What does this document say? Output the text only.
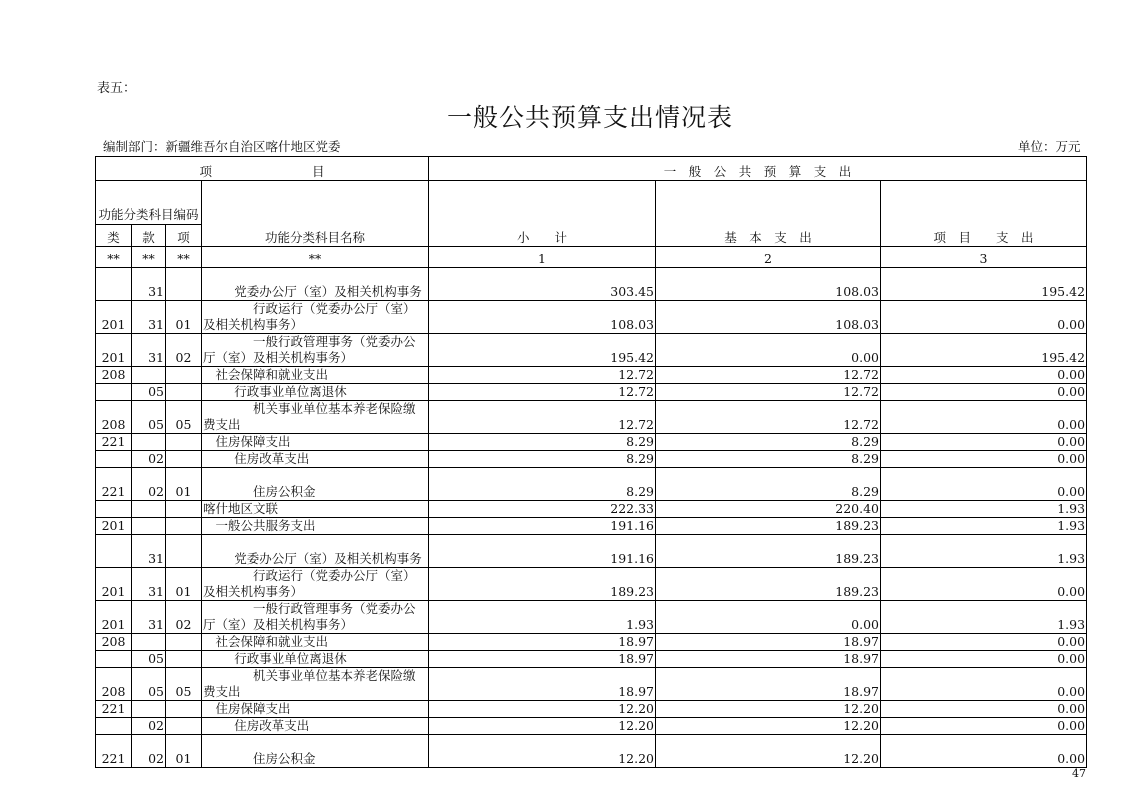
表五：
一般公共预算支出情况表
编制部门：新疆维吾尔自治区喀什地区党委	单位：万元
项　　　　　　　　目				一　般　公　共　预　算　支　出		
功能分类科目编码			功能分类科目名称	小　　计	基　本　支　出	项　目　　支　出
类	款	项				
**	**	**	**	1	2	3
	31		党委办公厅（室）及相关机构事务	303.45	108.03	195.42
201	31	01	行政运行（党委办公厅（室）及相关机构事务）	108.03	108.03	0.00
201	31	02	一般行政管理事务（党委办公厅（室）及相关机构事务）	195.42	0.00	195.42
208			社会保障和就业支出	12.72	12.72	0.00
	05		行政事业单位离退休	12.72	12.72	0.00
208	05	05	机关事业单位基本养老保险缴费支出	12.72	12.72	0.00
221			住房保障支出	8.29	8.29	0.00
	02		住房改革支出	8.29	8.29	0.00
221	02	01	住房公积金	8.29	8.29	0.00
			喀什地区文联	222.33	220.40	1.93
201			一般公共服务支出	191.16	189.23	1.93
	31		党委办公厅（室）及相关机构事务	191.16	189.23	1.93
201	31	01	行政运行（党委办公厅（室）及相关机构事务）	189.23	189.23	0.00
201	31	02	一般行政管理事务（党委办公厅（室）及相关机构事务）	1.93	0.00	1.93
208			社会保障和就业支出	18.97	18.97	0.00
	05		行政事业单位离退休	18.97	18.97	0.00
208	05	05	机关事业单位基本养老保险缴费支出	18.97	18.97	0.00
221			住房保障支出	12.20	12.20	0.00
	02		住房改革支出	12.20	12.20	0.00
221	02	01	住房公积金	12.20	12.20	0.00
47
